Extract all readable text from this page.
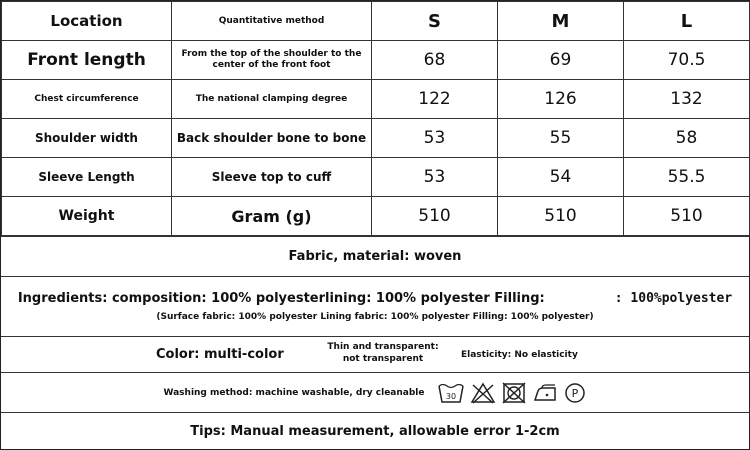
Location	Quantitative method	S	M	L
Front length	From the top of the shoulder to the center of the front foot	68	69	70.5
Chest circumference	The national clamping degree	122	126	132
Shoulder width	Back shoulder bone to bone	53	55	58
Sleeve Length	Sleeve top to cuff	53	54	55.5
Weight	Gram (g)	510	510	510
Fabric, material: woven
Ingredients: composition: 100% polyesterlining: 100% polyester Filling:	: 100%polyester
(Surface fabric: 100% polyester Lining fabric: 100% polyester Filling: 100% polyester)
Color: multi-color	Thin and transparent: not transparent	Elasticity: No elasticity
Washing method: machine washable, dry cleanable	30	P
Tips: Manual measurement, allowable error 1-2cm
